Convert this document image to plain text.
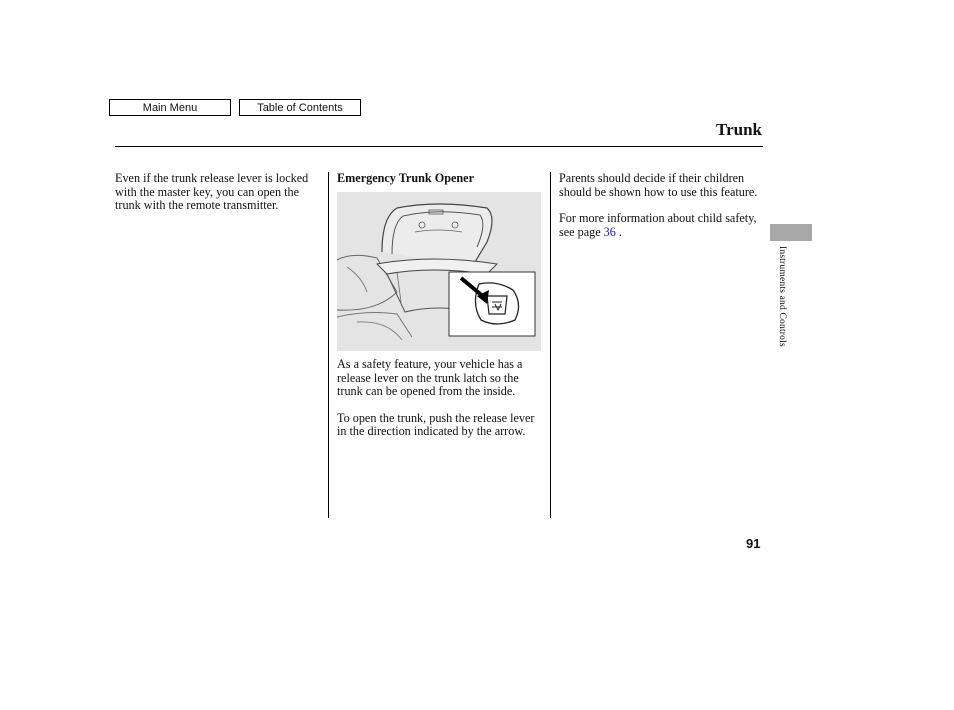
Main Menu	Table of Contents
Trunk

Even if the trunk release lever is locked with the master key, you can open the trunk with the remote transmitter.

Emergency Trunk Opener

As a safety feature, your vehicle has a release lever on the trunk latch so the trunk can be opened from the inside.

To open the trunk, push the release lever in the direction indicated by the arrow.

Parents should decide if their children should be shown how to use this feature.

For more information about child safety, see page 36 .

Instruments and Controls
91
